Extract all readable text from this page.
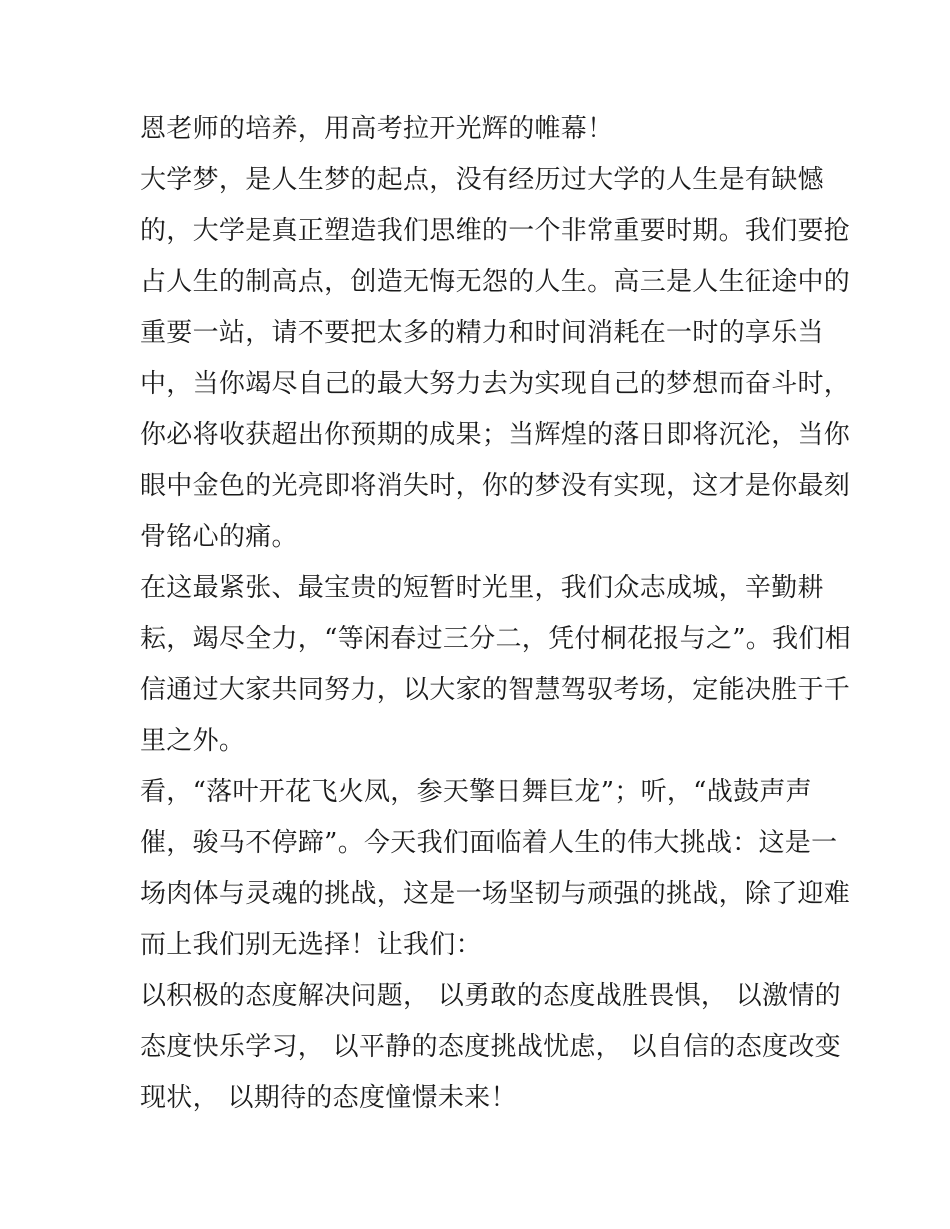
恩老师的培养，用高考拉开光辉的帷幕！
大学梦，是人生梦的起点，没有经历过大学的人生是有缺憾
的，大学是真正塑造我们思维的一个非常重要时期。我们要抢
占人生的制高点，创造无悔无怨的人生。高三是人生征途中的
重要一站，请不要把太多的精力和时间消耗在一时的享乐当
中，当你竭尽自己的最大努力去为实现自己的梦想而奋斗时，
你必将收获超出你预期的成果；当辉煌的落日即将沉沦，当你
眼中金色的光亮即将消失时，你的梦没有实现，这才是你最刻
骨铭心的痛。
在这最紧张、最宝贵的短暂时光里，我们众志成城，辛勤耕
耘，竭尽全力，“等闲春过三分二，凭付桐花报与之”。我们相
信通过大家共同努力，以大家的智慧驾驭考场，定能决胜于千
里之外。
看，“落叶开花飞火凤，参天擎日舞巨龙”；听，“战鼓声声
催，骏马不停蹄”。今天我们面临着人生的伟大挑战：这是一
场肉体与灵魂的挑战，这是一场坚韧与顽强的挑战，除了迎难
而上我们别无选择！让我们：
以积极的态度解决问题， 以勇敢的态度战胜畏惧， 以激情的
态度快乐学习， 以平静的态度挑战忧虑， 以自信的态度改变
现状， 以期待的态度憧憬未来！
